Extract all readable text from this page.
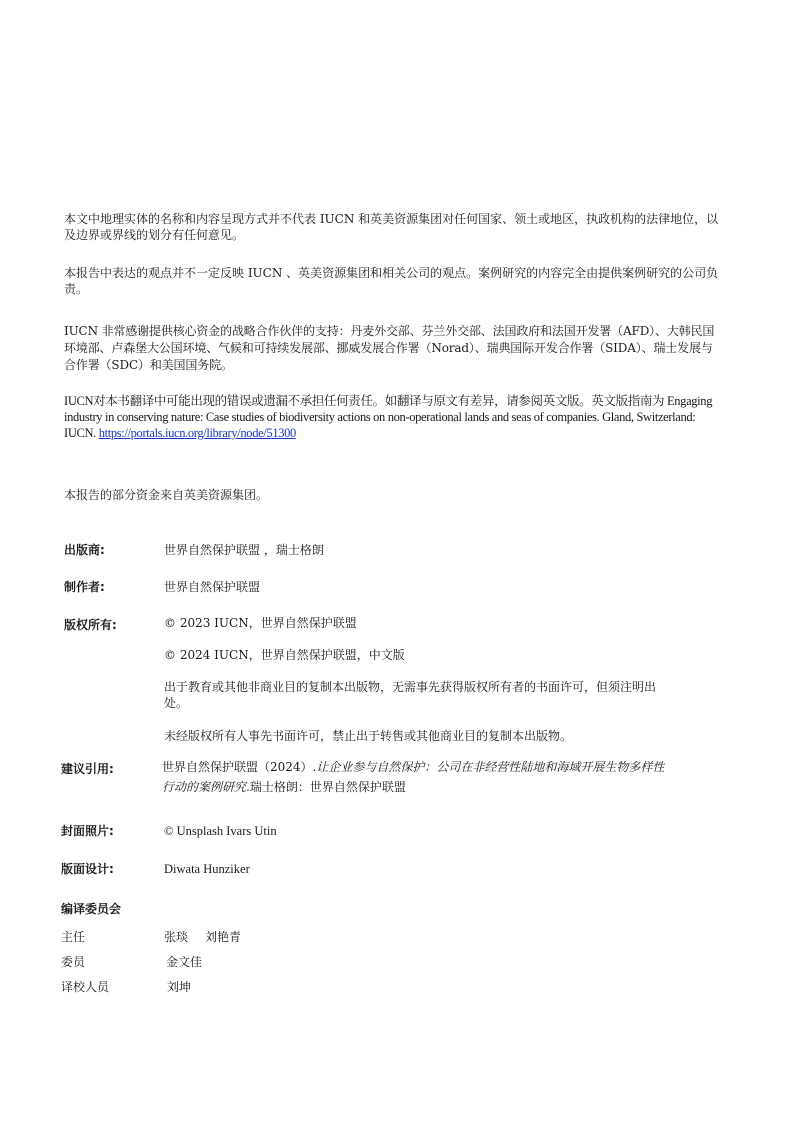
本文中地理实体的名称和内容呈现方式并不代表 IUCN 和英美资源集团对任何国家、领土或地区，执政机构的法律地位，以及边界或界线的划分有任何意见。

本报告中表达的观点并不一定反映 IUCN 、英美资源集团和相关公司的观点。案例研究的内容完全由提供案例研究的公司负责。

IUCN 非常感谢提供核心资金的战略合作伙伴的支持：丹麦外交部、芬兰外交部、法国政府和法国开发署（AFD）、大韩民国环境部、卢森堡大公国环境、气候和可持续发展部、挪威发展合作署（Norad）、瑞典国际开发合作署（SIDA）、瑞士发展与合作署（SDC）和美国国务院。

IUCN对本书翻译中可能出现的错误或遗漏不承担任何责任。如翻译与原文有差异，请参阅英文版。英文版指南为 Engaging industry in conserving nature: Case studies of biodiversity actions on non-operational lands and seas of companies. Gland, Switzerland: IUCN. https://portals.iucn.org/library/node/51300

本报告的部分资金来自英美资源集团。

出版商:	世界自然保护联盟 ，瑞士格朗
制作者:	世界自然保护联盟
版权所有:	© 2023 IUCN，世界自然保护联盟
© 2024 IUCN，世界自然保护联盟，中文版
出于教育或其他非商业目的复制本出版物，无需事先获得版权所有者的书面许可，但须注明出处。
未经版权所有人事先书面许可，禁止出于转售或其他商业目的复制本出版物。
建议引用:	世界自然保护联盟（2024）.让企业参与自然保护：公司在非经营性陆地和海域开展生物多样性行动的案例研究.瑞士格朗：世界自然保护联盟
封面照片:	© Unsplash Ivars Utin
版面设计:	Diwata Hunziker
编译委员会
主任	张琰 刘艳青
委员	金文佳
译校人员	刘坤
